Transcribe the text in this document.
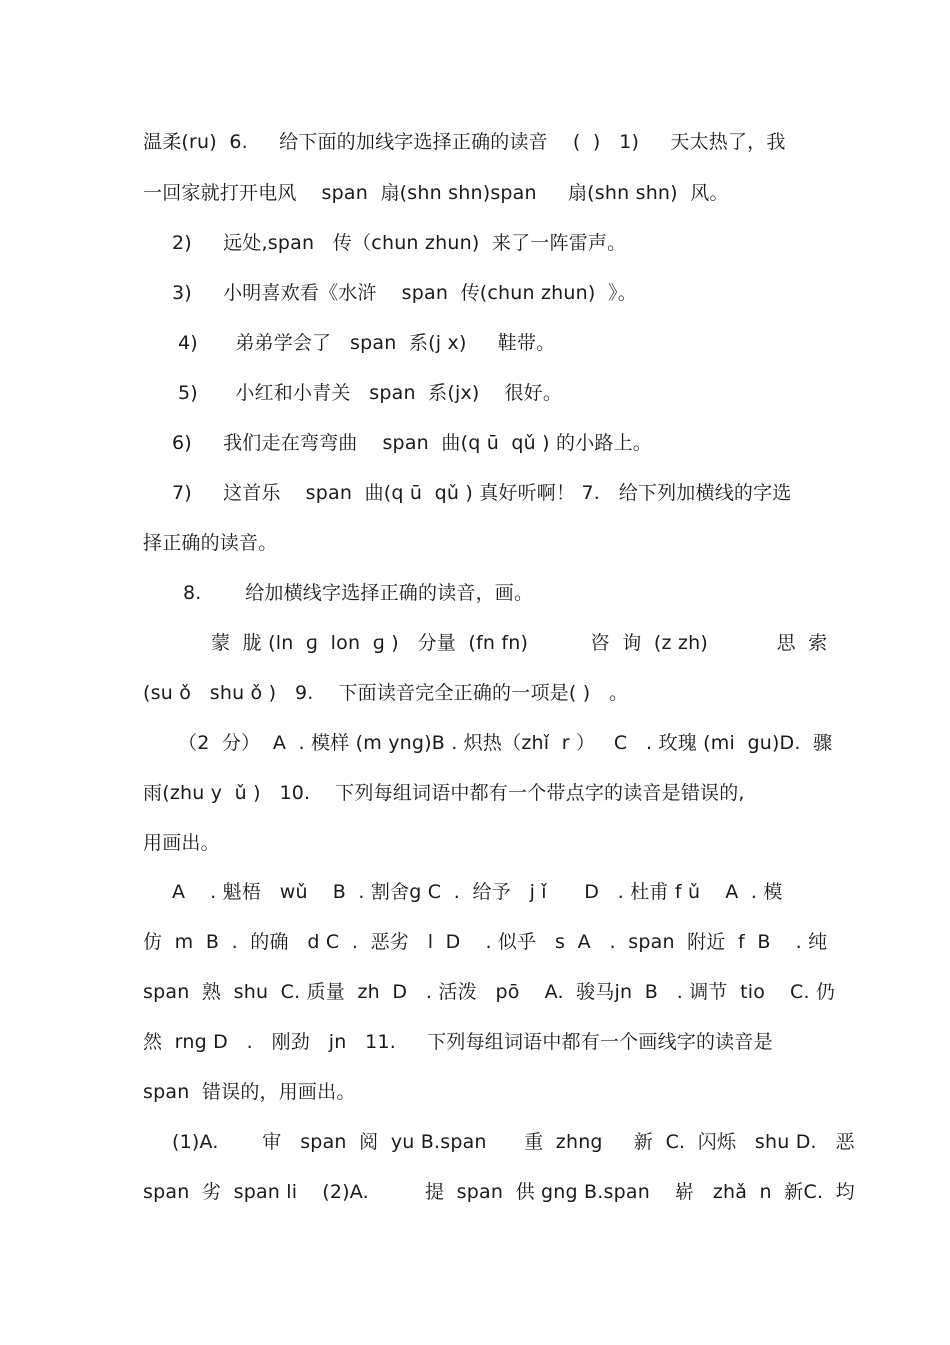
温柔(ru)  6.     给下面的加线字选择正确的读音    (  )   1)     天太热了，我
一回家就打开电风    span  扇(shn shn)span     扇(shn shn)  风。
2)     远处,span   传（chun zhun)  来了一阵雷声。
3)     小明喜欢看《水浒    span  传(chun zhun)  》。
4)      弟弟学会了   span  系(j x)     鞋带。
5)      小红和小青关   span  系(jx)    很好。
6)     我们走在弯弯曲    span  曲(q ū  qǔ ) 的小路上。
7)     这首乐    span  曲(q ū  qǔ ) 真好听啊！ 7.   给下列加横线的字选
择正确的读音。
8.       给加横线字选择正确的读音，画。
蒙  胧 (ln  ɡ  lon  ɡ )   分量  (fn fn)          咨  询  (z zh)           思  索
(su ǒ   shu ǒ )   9.    下面读音完全正确的一项是( )   。
（2  分）  A  . 模样 (m yng)B . 炽热（zhǐ  r ）   C   . 玫瑰 (mi  gu)D.  骤
雨(zhu y  ǔ )   10.    下列每组词语中都有一个带点字的读音是错误的,
用画出。
A    . 魁梧   wǔ    B  . 割舍g C  .  给予   j ǐ      D   . 杜甫 f ǔ    A  . 模
仿  m  B  .  的确   d C  .  恶劣   l  D    . 似乎   s  A   .  span  附近  f  B    . 纯
span  熟  shu  C. 质量  zh  D   . 活泼   pō    A.  骏马jn  B   . 调节  tio    C. 仍
然  rng D   .   刚劲   jn   11.     下列每组词语中都有一个画线字的读音是
span  错误的，用画出。
(1)A.       审   span  阅  yu B.span      重  zhng     新  C.  闪烁   shu D.   恶
span  劣  span li    (2)A.         提  span  供 gng B.span    崭   zhǎ  n  新C.  均
